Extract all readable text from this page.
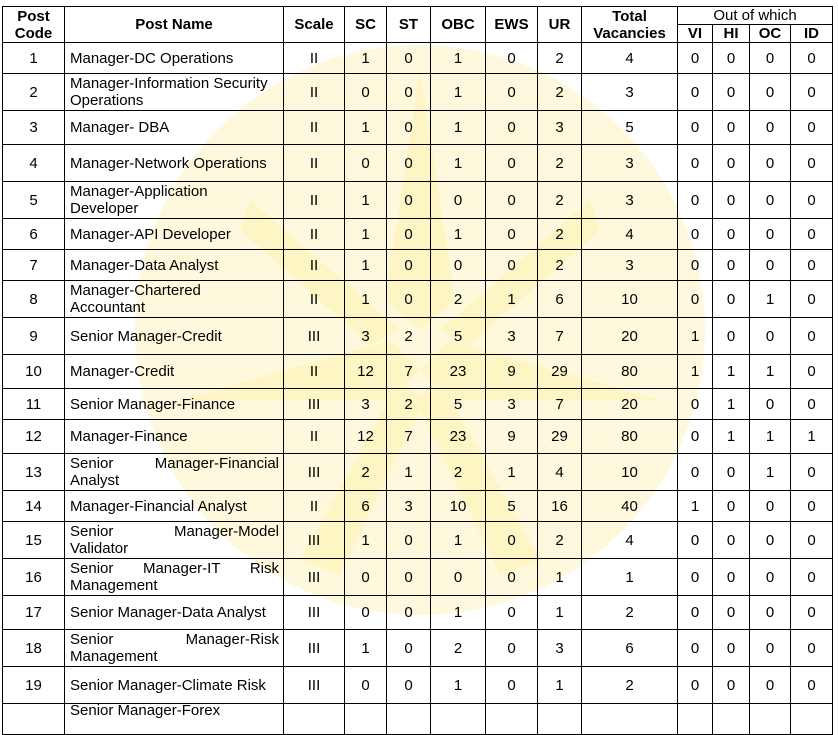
Post Code	Post Name	Scale	SC	ST	OBC	EWS	UR	Total Vacancies	Out of which			
									VI	HI	OC	ID
1	Manager-DC Operations	II	1	0	1	0	2	4	0	0	0	0
2	Manager-Information Security Operations	II	0	0	1	0	2	3	0	0	0	0
3	Manager- DBA	II	1	0	1	0	3	5	0	0	0	0
4	Manager-Network Operations	II	0	0	1	0	2	3	0	0	0	0
5	Manager-Application Developer	II	1	0	0	0	2	3	0	0	0	0
6	Manager-API Developer	II	1	0	1	0	2	4	0	0	0	0
7	Manager-Data Analyst	II	1	0	0	0	2	3	0	0	0	0
8	Manager-Chartered Accountant	II	1	0	2	1	6	10	0	0	1	0
9	Senior Manager-Credit	III	3	2	5	3	7	20	1	0	0	0
10	Manager-Credit	II	12	7	23	9	29	80	1	1	1	0
11	Senior Manager-Finance	III	3	2	5	3	7	20	0	1	0	0
12	Manager-Finance	II	12	7	23	9	29	80	0	1	1	1
13	Senior Manager-Financial Analyst	III	2	1	2	1	4	10	0	0	1	0
14	Manager-Financial Analyst	II	6	3	10	5	16	40	1	0	0	0
15	Senior Manager-Model Validator	III	1	0	1	0	2	4	0	0	0	0
16	Senior Manager-IT Risk Management	III	0	0	0	0	1	1	0	0	0	0
17	Senior Manager-Data Analyst	III	0	0	1	0	1	2	0	0	0	0
18	Senior Manager-Risk Management	III	1	0	2	0	3	6	0	0	0	0
19	Senior Manager-Climate Risk	III	0	0	1	0	1	2	0	0	0	0
	Senior Manager-Forex											
